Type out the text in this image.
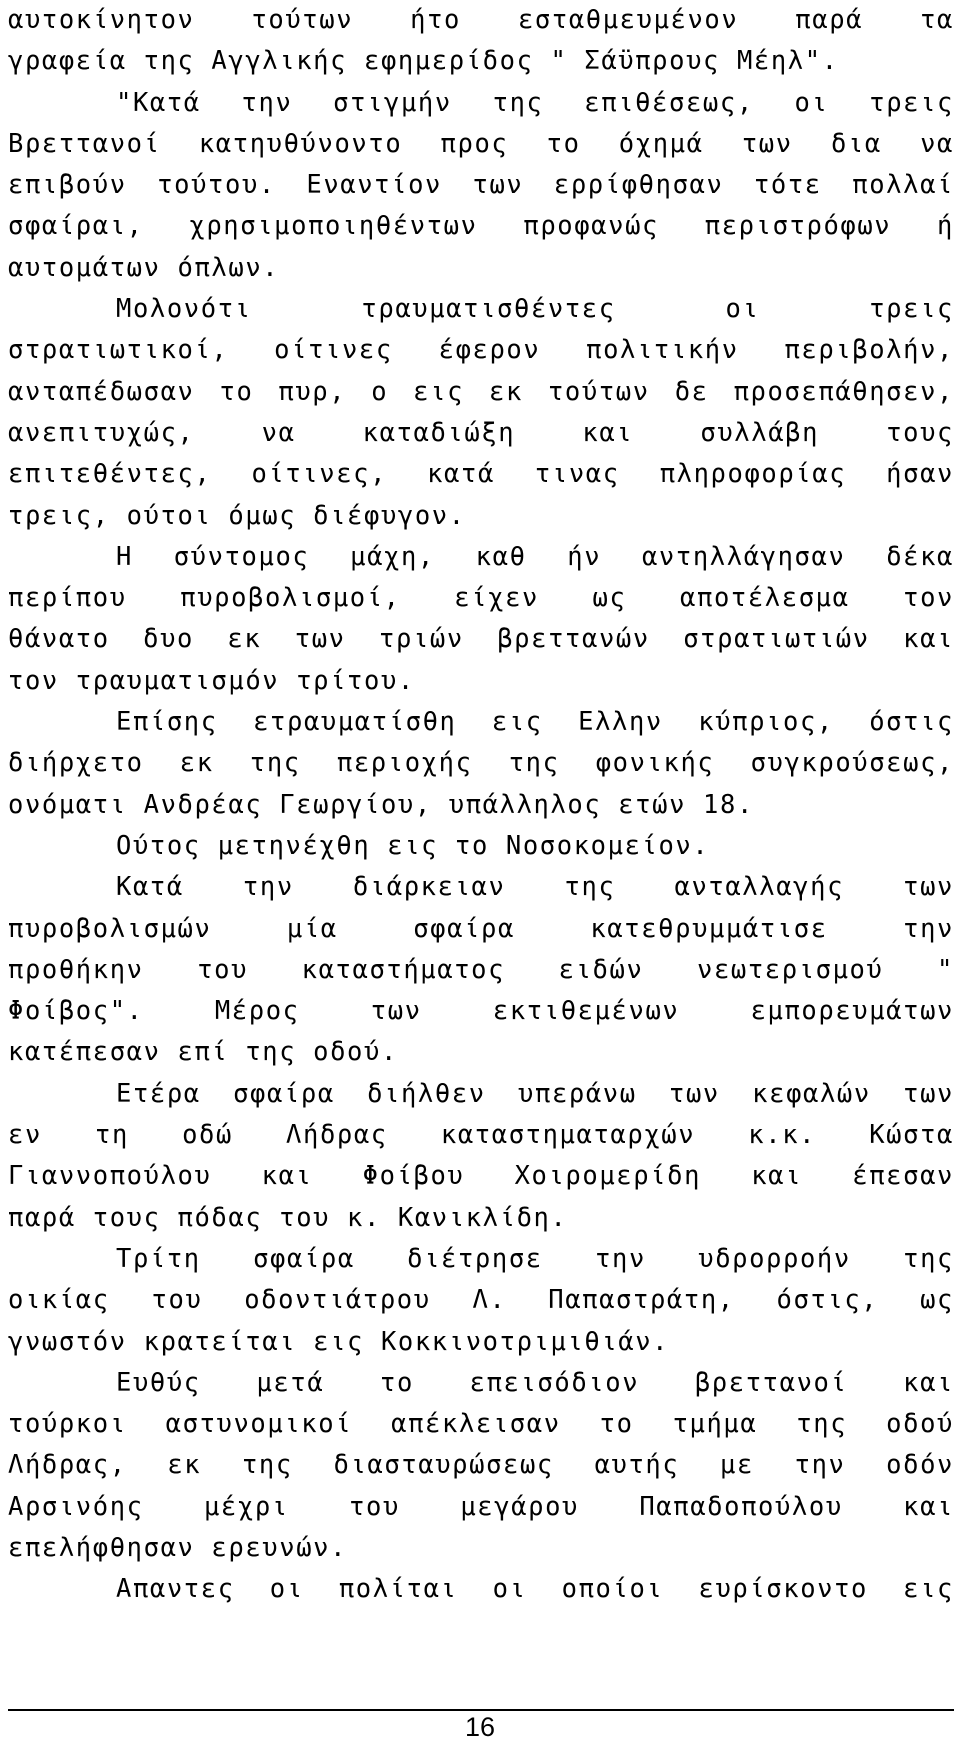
αυτοκίνητον τούτων ήτο εσταθμευμένον παρά τα
γραφεία της Αγγλικής εφημερίδος " Σάϋπρους Μέηλ".
"Κατά την στιγμήν της επιθέσεως, οι τρεις
Βρεττανοί κατηυθύνοντο προς το όχημά των δια να
επιβούν τούτου. Εναντίον των ερρίφθησαν τότε πολλαί
σφαίραι, χρησιμοποιηθέντων προφανώς περιστρόφων ή
αυτομάτων όπλων.
Μολονότι τραυματισθέντες οι τρεις
στρατιωτικοί, οίτινες έφερον πολιτικήν περιβολήν,
ανταπέδωσαν το πυρ, ο εις εκ τούτων δε προσεπάθησεν,
ανεπιτυχώς, να καταδιώξη και συλλάβη τους
επιτεθέντες, οίτινες, κατά τινας πληροφορίας ήσαν
τρεις, ούτοι όμως διέφυγον.
Η σύντομος μάχη, καθ ήν αντηλλάγησαν δέκα
περίπου πυροβολισμοί, είχεν ως αποτέλεσμα τον
θάνατο δυο εκ των τριών βρεττανών στρατιωτιών και
τον τραυματισμόν τρίτου.
Επίσης ετραυματίσθη εις Ελλην κύπριος, όστις
διήρχετο εκ της περιοχής της φονικής συγκρούσεως,
ονόματι Ανδρέας Γεωργίου, υπάλληλος ετών 18.
Ούτος μετηνέχθη εις το Νοσοκομείον.
Κατά την διάρκειαν της ανταλλαγής των
πυροβολισμών μία σφαίρα κατεθρυμμάτισε την
προθήκην του καταστήματος ειδών νεωτερισμού "
Φοίβος". Μέρος των εκτιθεμένων εμπορευμάτων
κατέπεσαν επί της οδού.
Ετέρα σφαίρα διήλθεν υπεράνω των κεφαλών των
εν τη οδώ Λήδρας καταστηματαρχών κ.κ. Κώστα
Γιαννοπούλου και Φοίβου Χοιρομερίδη και έπεσαν
παρά τους πόδας του κ. Κανικλίδη.
Τρίτη σφαίρα διέτρησε την υδρορροήν της
οικίας του οδοντιάτρου Λ. Παπαστράτη, όστις, ως
γνωστόν κρατείται εις Κοκκινοτριμιθιάν.
Ευθύς μετά το επεισόδιον βρεττανοί και
τούρκοι αστυνομικοί απέκλεισαν το τμήμα της οδού
Λήδρας, εκ της διασταυρώσεως αυτής με την οδόν
Αρσινόης μέχρι του μεγάρου Παπαδοπούλου και
επελήφθησαν ερευνών.
Απαντες οι πολίται οι οποίοι ευρίσκοντο εις
16
